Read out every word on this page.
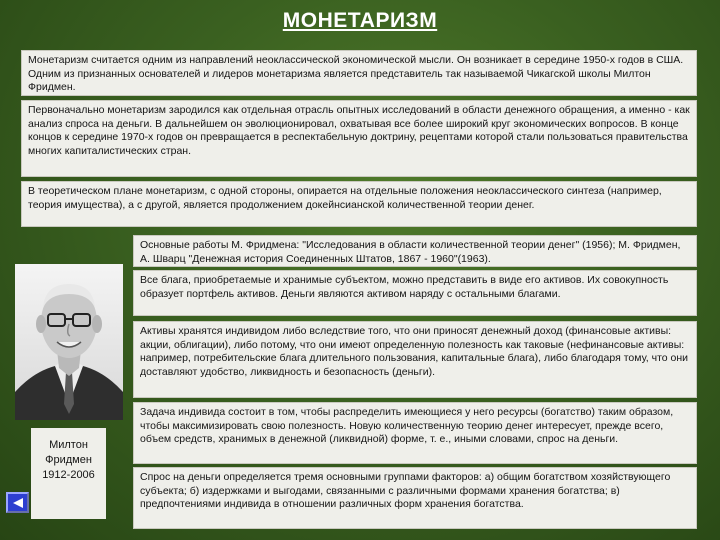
МОНЕТАРИЗМ

Монетаризм считается одним из направлений неоклассической экономической мысли. Он возникает в середине 1950-х годов в США. Одним из признанных основателей и лидеров монетаризма является представитель так называемой Чикагской школы Милтон Фридмен.

Первоначально монетаризм зародился как отдельная отрасль опытных исследований в области денежного обращения, а именно - как анализ спроса на деньги. В дальнейшем он эволюционировал, охватывая все более широкий круг экономических вопросов. В конце концов к середине 1970-х годов он превращается в респектабельную доктрину, рецептами которой стали пользоваться правительства многих капиталистических стран.

В теоретическом плане монетаризм, с одной стороны, опирается на отдельные положения неоклассического синтеза (например, теория имущества), а с другой, является продолжением докейнсианской количественной теории денег.

Основные работы М. Фридмена: "Исследования в области количественной теории денег" (1956); М. Фридмен, А. Шварц "Денежная история Соединенных Штатов, 1867 - 1960"(1963).

Все блага, приобретаемые и хранимые субъектом, можно представить в виде его активов. Их совокупность образует портфель активов. Деньги являются активом наряду с остальными благами.

Активы хранятся индивидом либо вследствие того, что они приносят денежный доход (финансовые активы: акции, облигации), либо потому, что они имеют определенную полезность как таковые (нефинансовые активы: например, потребительские блага длительного пользования, капитальные блага), либо благодаря тому, что они доставляют удобство, ликвидность и безопасность (деньги).

Задача индивида состоит в том, чтобы распределить имеющиеся у него ресурсы (богатство) таким образом, чтобы максимизировать свою полезность. Новую количественную теорию денег интересует, прежде всего, объем средств, хранимых в денежной (ликвидной) форме, т. е., иными словами, спрос на деньги.

Спрос на деньги определяется тремя основными группами факторов: а) общим богатством хозяйствующего субъекта; б) издержками и выгодами, связанными с различными формами хранения богатства; в) предпочтениями индивида в отношении различных форм хранения богатства.

Милтон
Фридмен
1912-2006
